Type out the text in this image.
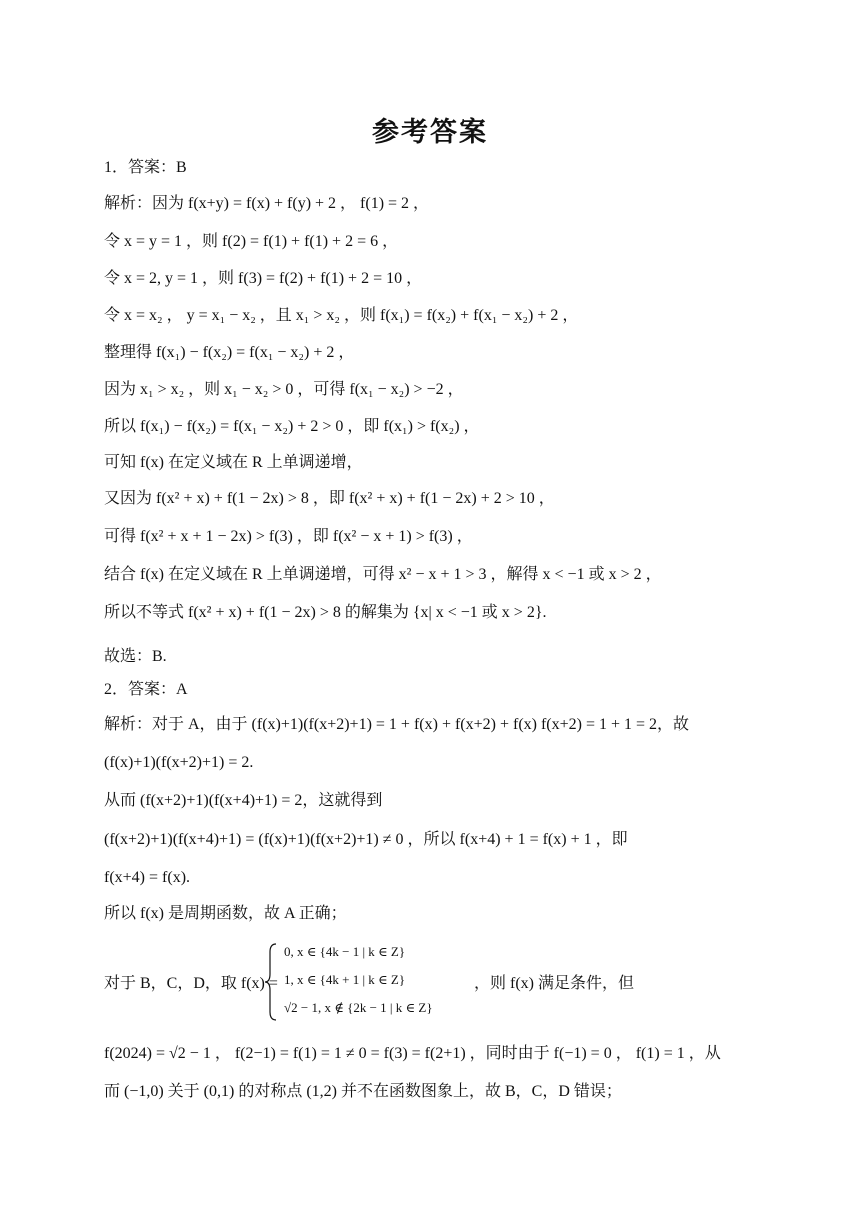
参考答案
1．答案：B
解析：因为 f(x+y) = f(x) + f(y) + 2 ， f(1) = 2 ，
令 x = y = 1 ，则 f(2) = f(1) + f(1) + 2 = 6 ，
令 x = 2, y = 1 ，则 f(3) = f(2) + f(1) + 2 = 10 ，
令 x = x₂ ， y = x₁ − x₂ ，且 x₁ > x₂ ，则 f(x₁) = f(x₂) + f(x₁ − x₂) + 2 ，
整理得 f(x₁) − f(x₂) = f(x₁ − x₂) + 2 ，
因为 x₁ > x₂ ，则 x₁ − x₂ > 0 ，可得 f(x₁ − x₂) > −2 ，
所以 f(x₁) − f(x₂) = f(x₁ − x₂) + 2 > 0 ，即 f(x₁) > f(x₂) ，
可知 f(x) 在定义域在 R 上单调递增，
又因为 f(x² + x) + f(1 − 2x) > 8 ，即 f(x² + x) + f(1 − 2x) + 2 > 10 ，
可得 f(x² + x + 1 − 2x) > f(3) ，即 f(x² − x + 1) > f(3) ，
结合 f(x) 在定义域在 R 上单调递增，可得 x² − x + 1 > 3 ，解得 x < −1 或 x > 2 ，
所以不等式 f(x² + x) + f(1 − 2x) > 8 的解集为 {x| x < −1 或 x > 2}.
故选：B.
2．答案：A
解析：对于 A，由于 (f(x)+1)(f(x+2)+1) = 1 + f(x) + f(x+2) + f(x) f(x+2) = 1 + 1 = 2，故
(f(x)+1)(f(x+2)+1) = 2.
从而 (f(x+2)+1)(f(x+4)+1) = 2，这就得到
(f(x+2)+1)(f(x+4)+1) = (f(x)+1)(f(x+2)+1) ≠ 0 ，所以 f(x+4) + 1 = f(x) + 1 ，即
f(x+4) = f(x).
所以 f(x) 是周期函数，故 A 正确；
f(2024) = √2 − 1 ， f(2−1) = f(1) = 1 ≠ 0 = f(3) = f(2+1) ，同时由于 f(−1) = 0 ， f(1) = 1 ，从
而 (−1,0) 关于 (0,1) 的对称点 (1,2) 并不在函数图象上，故 B，C，D 错误；
对于 B，C，D，取 f(x) =
0, x ∈ {4k − 1 | k ∈ Z}
1, x ∈ {4k + 1 | k ∈ Z}
√2 − 1, x ∉ {2k − 1 | k ∈ Z}
，则 f(x) 满足条件，但
